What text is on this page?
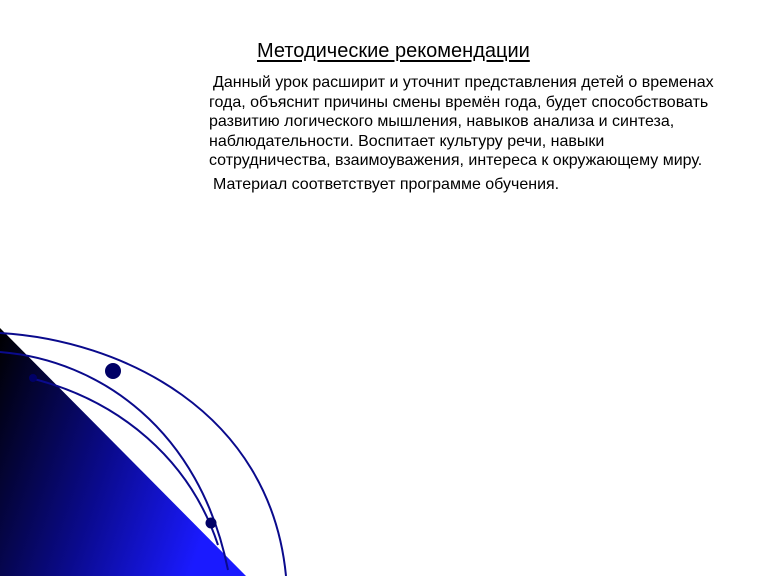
Методические рекомендации

Данный урок расширит и уточнит представления детей о временах года, объяснит причины смены времён года, будет способствовать развитию логического мышления, навыков анализа и синтеза, наблюдательности. Воспитает культуру речи, навыки сотрудничества, взаимоуважения, интереса к окружающему миру.

Материал соответствует программе обучения.
